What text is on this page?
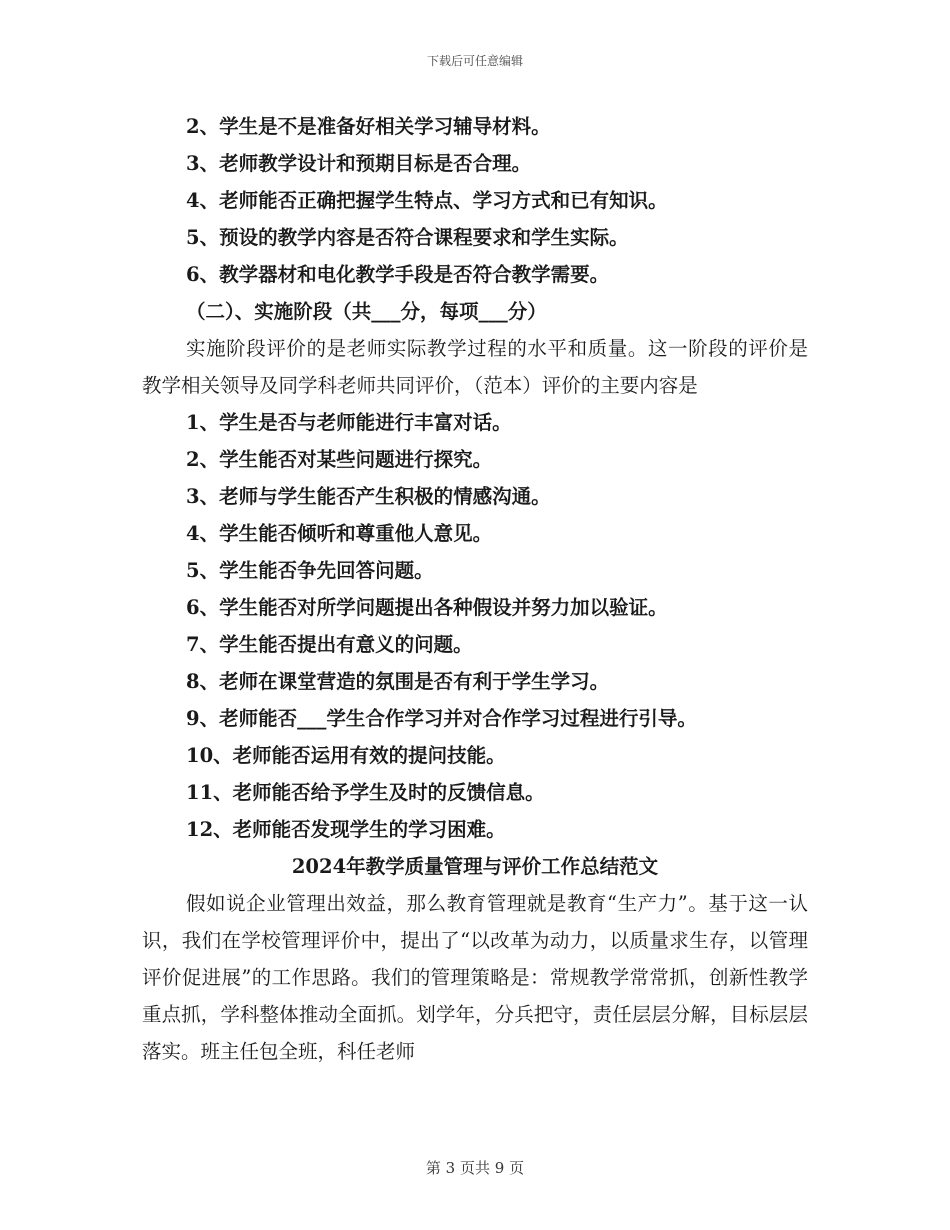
下载后可任意编辑
2、学生是不是准备好相关学习辅导材料。
3、老师教学设计和预期目标是否合理。
4、老师能否正确把握学生特点、学习方式和已有知识。
5、预设的教学内容是否符合课程要求和学生实际。
6、教学器材和电化教学手段是否符合教学需要。
（二）、实施阶段（共___分，每项___分）
实施阶段评价的是老师实际教学过程的水平和质量。这一阶段的评价是教学相关领导及同学科老师共同评价，（范本）评价的主要内容是
1、学生是否与老师能进行丰富对话。
2、学生能否对某些问题进行探究。
3、老师与学生能否产生积极的情感沟通。
4、学生能否倾听和尊重他人意见。
5、学生能否争先回答问题。
6、学生能否对所学问题提出各种假设并努力加以验证。
7、学生能否提出有意义的问题。
8、老师在课堂营造的氛围是否有利于学生学习。
9、老师能否___学生合作学习并对合作学习过程进行引导。
10、老师能否运用有效的提问技能。
11、老师能否给予学生及时的反馈信息。
12、老师能否发现学生的学习困难。
2024年教学质量管理与评价工作总结范文
假如说企业管理出效益，那么教育管理就是教育“生产力”。基于这一认识，我们在学校管理评价中，提出了“以改革为动力，以质量求生存，以管理评价促进展”的工作思路。我们的管理策略是：常规教学常常抓，创新性教学重点抓，学科整体推动全面抓。划学年，分兵把守，责任层层分解，目标层层落实。班主任包全班，科任老师
第 3 页共 9 页
